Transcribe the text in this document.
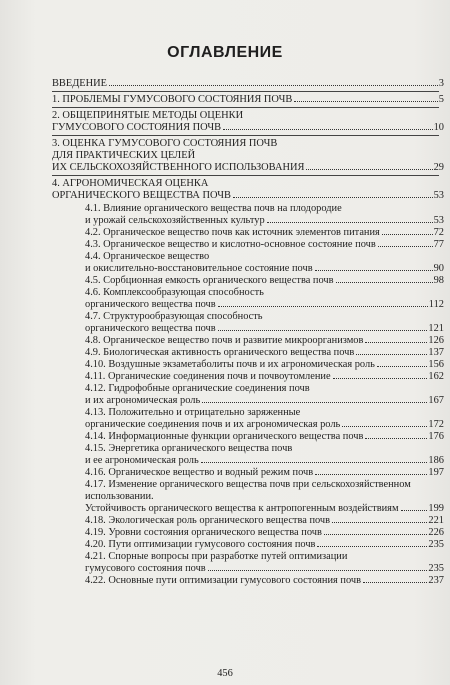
ОГЛАВЛЕНИЕ
ВВЕДЕНИЕ	3
1. ПРОБЛЕМЫ ГУМУСОВОГО СОСТОЯНИЯ ПОЧВ	5
2. ОБЩЕПРИНЯТЫЕ МЕТОДЫ ОЦЕНКИ
ГУМУСОВОГО СОСТОЯНИЯ ПОЧВ	10
3. ОЦЕНКА ГУМУСОВОГО СОСТОЯНИЯ ПОЧВ ДЛЯ ПРАКТИЧЕСКИХ ЦЕЛЕЙ
ИХ СЕЛЬСКОХОЗЯЙСТВЕННОГО ИСПОЛЬЗОВАНИЯ	29
4. АГРОНОМИЧЕСКАЯ ОЦЕНКА
ОРГАНИЧЕСКОГО ВЕЩЕСТВА ПОЧВ	53
4.1. Влияние органического вещества почв на плодородие
и урожай сельскохозяйственных культур	53
4.2. Органическое вещество почв как источник элементов питания	72
4.3. Органическое вещество и кислотно-основное состояние почв	77
4.4. Органическое вещество
и окислительно-восстановительное состояние почв	90
4.5. Сорбционная емкость органического вещества почв	98
4.6. Комплексообразующая способность
органического вещества почв	112
4.7. Структурообразующая способность
органического вещества почв	121
4.8. Органическое вещество почв и развитие микроорганизмов	126
4.9. Биологическая активность органического вещества почв	137
4.10. Воздушные экзаметаболиты почв и их агрономическая роль	156
4.11. Органические соединения почв и почвоутомление	162
4.12. Гидрофобные органические соединения почв
и их агрономическая роль	167
4.13. Положительно и отрицательно заряженные
органические соединения почв и их агрономическая роль	172
4.14. Информационные функции органического вещества почв	176
4.15. Энергетика органического вещества почв
и ее агрономическая роль	186
4.16. Органическое вещество и водный режим почв	197
4.17. Изменение органического вещества почв при сельскохозяйственном использовании.
Устойчивость органического вещества к антропогенным воздействиям	199
4.18. Экологическая роль органического вещества почв	221
4.19. Уровни состояния органического вещества почв	226
4.20. Пути оптимизации гумусового состояния почв	235
4.21. Спорные вопросы при разработке путей оптимизации
гумусового состояния почв	235
4.22. Основные пути оптимизации гумусового состояния почв	237
456
